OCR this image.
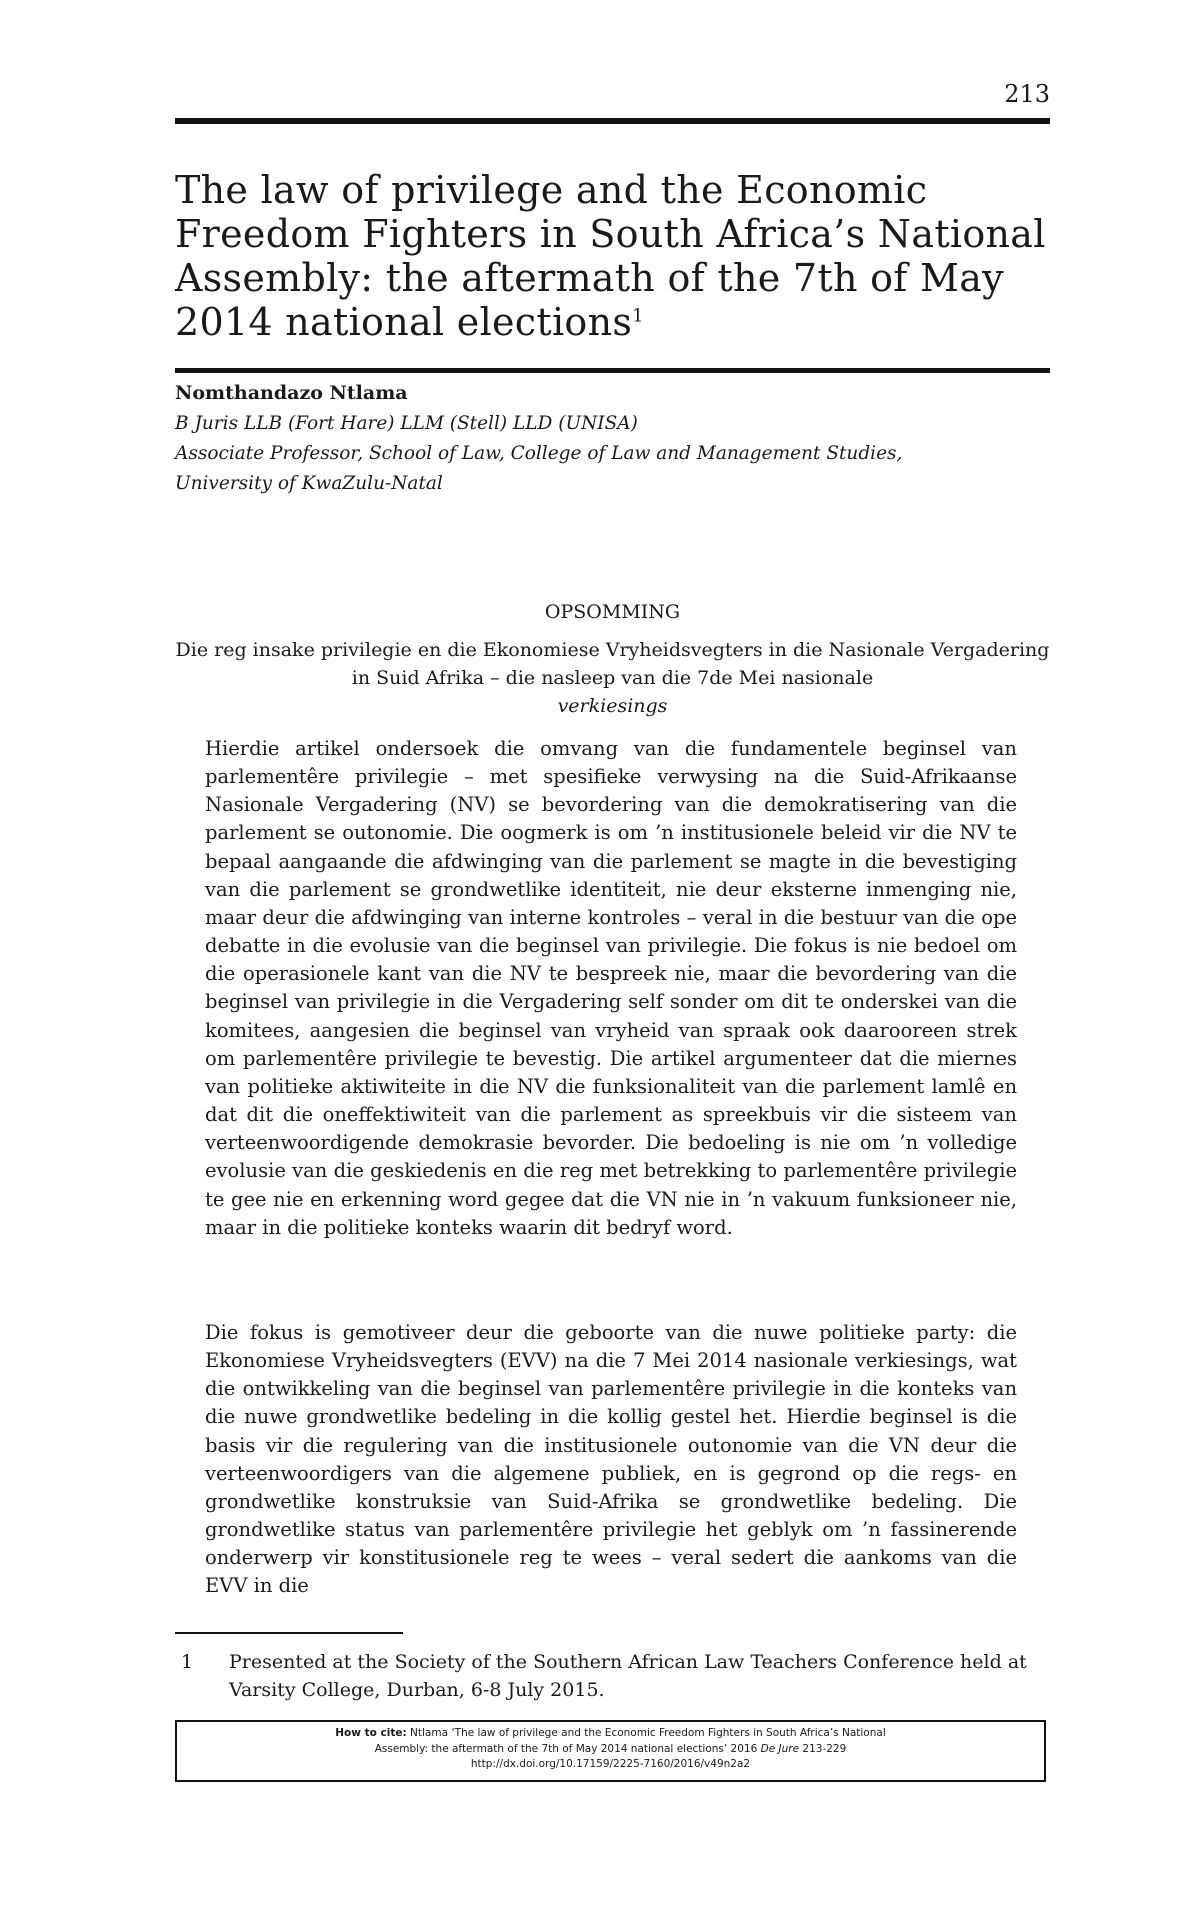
213
The law of privilege and the Economic Freedom Fighters in South Africa’s National Assembly: the aftermath of the 7th of May 2014 national elections$^1$
Nomthandazo Ntlama
B Juris LLB (Fort Hare) LLM (Stell) LLD (UNISA)
Associate Professor, School of Law, College of Law and Management Studies,
University of KwaZulu-Natal
OPSOMMING
Die reg insake privilegie en die Ekonomiese Vryheidsvegters in die Nasionale Vergadering in Suid Afrika – die nasleep van die 7de Mei nasionale
verkiesings

Hierdie artikel ondersoek die omvang van die fundamentele beginsel van parlementêre privilegie – met spesifieke verwysing na die Suid-Afrikaanse Nasionale Vergadering (NV) se bevordering van die demokratisering van die parlement se outonomie. Die oogmerk is om ’n institusionele beleid vir die NV te bepaal aangaande die afdwinging van die parlement se magte in die bevestiging van die parlement se grondwetlike identiteit, nie deur eksterne inmenging nie, maar deur die afdwinging van interne kontroles – veral in die bestuur van die ope debatte in die evolusie van die beginsel van privilegie. Die fokus is nie bedoel om die operasionele kant van die NV te bespreek nie, maar die bevordering van die beginsel van privilegie in die Vergadering self sonder om dit te onderskei van die komitees, aangesien die beginsel van vryheid van spraak ook daarooreen strek om parlementêre privilegie te bevestig. Die artikel argumenteer dat die miernes van politieke aktiwiteite in die NV die funksionaliteit van die parlement lamlê en dat dit die oneffektiwiteit van die parlement as spreekbuis vir die sisteem van verteenwoordigende demokrasie bevorder. Die bedoeling is nie om ’n volledige evolusie van die geskiedenis en die reg met betrekking to parlementêre privilegie te gee nie en erkenning word gegee dat die VN nie in ’n vakuum funksioneer nie, maar in die politieke konteks waarin dit bedryf word.

Die fokus is gemotiveer deur die geboorte van die nuwe politieke party: die Ekonomiese Vryheidsvegters (EVV) na die 7 Mei 2014 nasionale verkiesings, wat die ontwikkeling van die beginsel van parlementêre privilegie in die konteks van die nuwe grondwetlike bedeling in die kollig gestel het. Hierdie beginsel is die basis vir die regulering van die institusionele outonomie van die VN deur die verteenwoordigers van die algemene publiek, en is gegrond op die regs- en grondwetlike konstruksie van Suid-Afrika se grondwetlike bedeling. Die grondwetlike status van parlementêre privilegie het geblyk om ’n fassinerende onderwerp vir konstitusionele reg te wees – veral sedert die aankoms van die EVV in die

1 Presented at the Society of the Southern African Law Teachers Conference held at Varsity College, Durban, 6-8 July 2015.
How to cite: Ntlama ‘The law of privilege and the Economic Freedom Fighters in South Africa’s National
Assembly: the aftermath of the 7th of May 2014 national elections’ 2016 De Jure 213-229
http://dx.doi.org/10.17159/2225-7160/2016/v49n2a2
